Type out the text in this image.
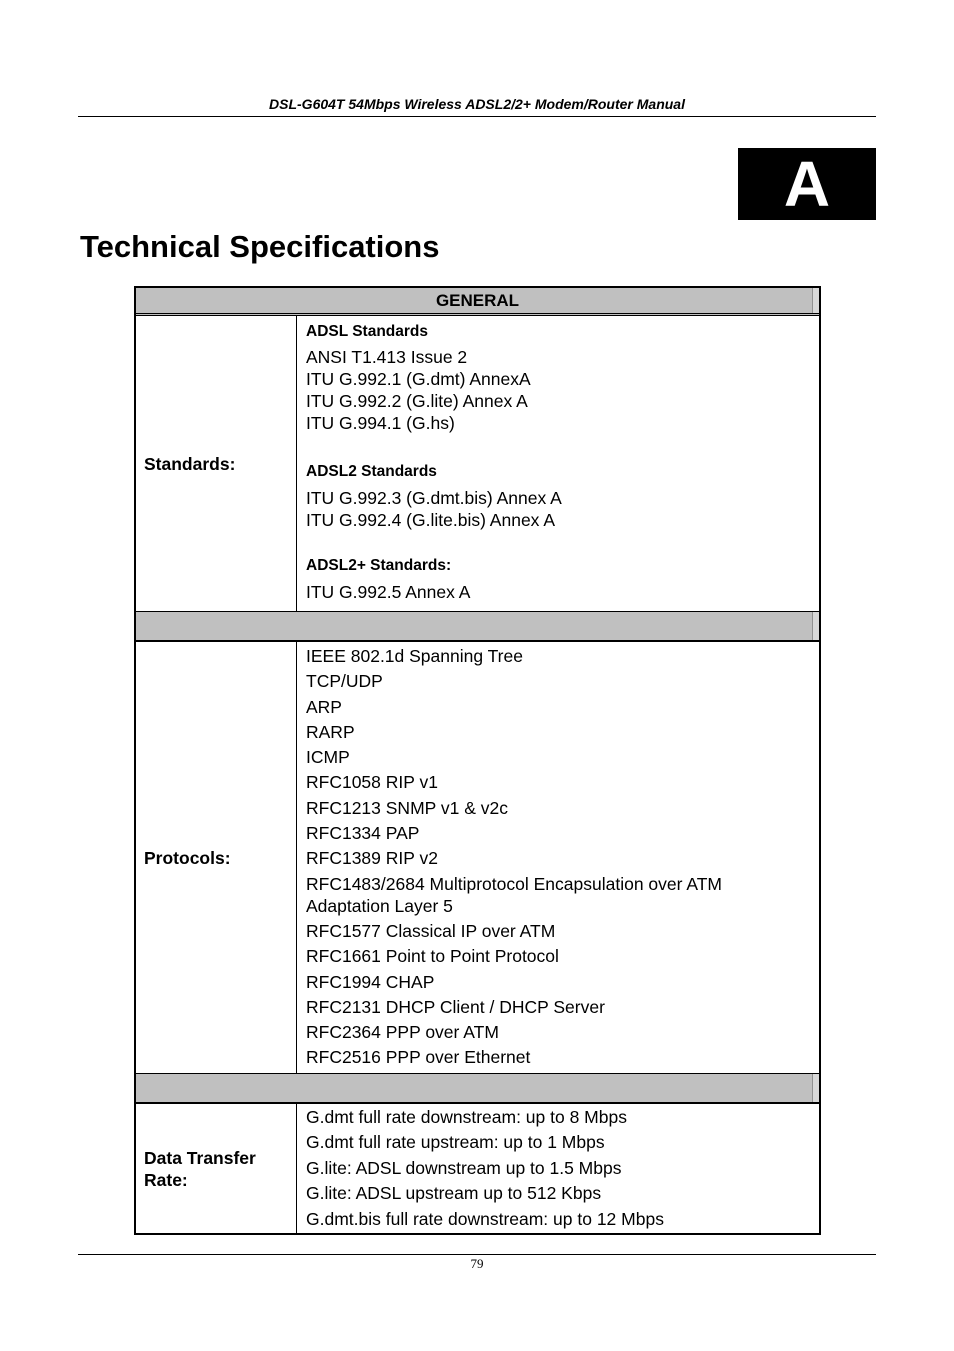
DSL-G604T 54Mbps Wireless ADSL2/2+ Modem/Router Manual
A
Technical Specifications
GENERAL
Standards:
ADSL Standards
ANSI T1.413 Issue 2
ITU G.992.1 (G.dmt) AnnexA
ITU G.992.2 (G.lite) Annex A
ITU G.994.1 (G.hs)
ADSL2 Standards
ITU G.992.3 (G.dmt.bis) Annex A
ITU G.992.4 (G.lite.bis) Annex A
ADSL2+ Standards:
ITU G.992.5 Annex A
Protocols:
IEEE 802.1d Spanning Tree
TCP/UDP
ARP
RARP
ICMP
RFC1058 RIP v1
RFC1213 SNMP v1 & v2c
RFC1334 PAP
RFC1389 RIP v2
RFC1483/2684 Multiprotocol Encapsulation over ATM Adaptation Layer 5
RFC1577 Classical IP over ATM
RFC1661 Point to Point Protocol
RFC1994 CHAP
RFC2131 DHCP Client / DHCP Server
RFC2364 PPP over ATM
RFC2516 PPP over Ethernet
Data Transfer Rate:
G.dmt full rate downstream: up to 8 Mbps
G.dmt full rate upstream: up to 1 Mbps
G.lite: ADSL downstream up to 1.5 Mbps
G.lite: ADSL upstream up to 512 Kbps
G.dmt.bis full rate downstream: up to 12 Mbps
79
